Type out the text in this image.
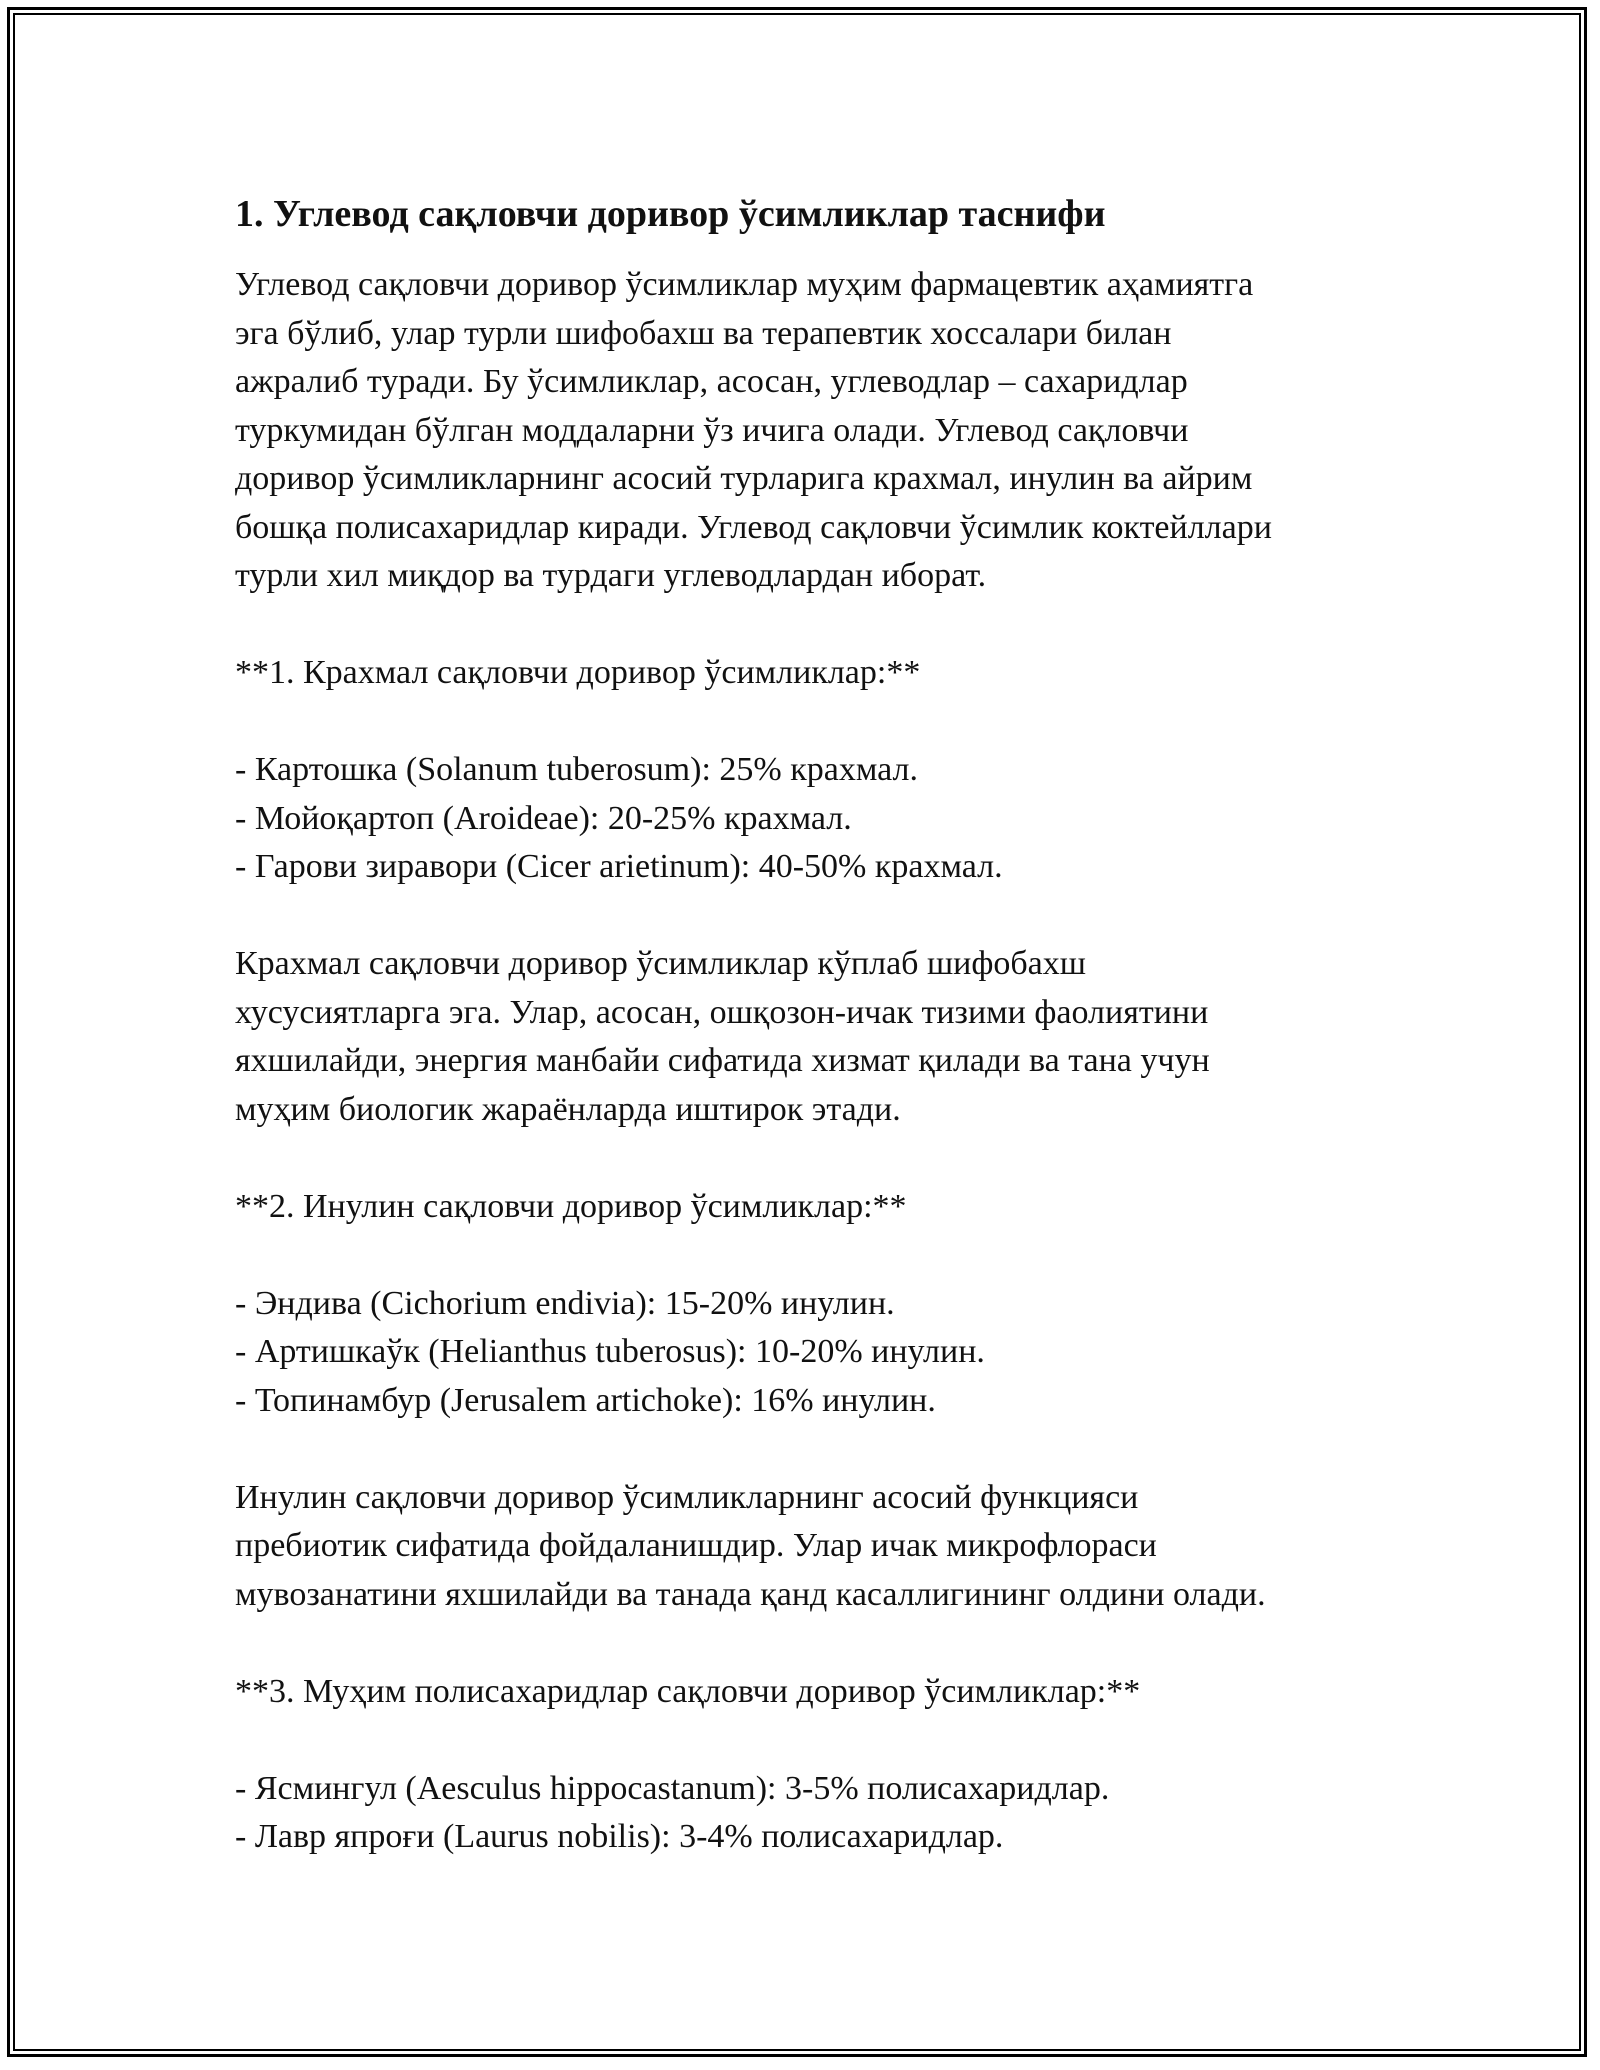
1. Углевод сақловчи доривор ўсимликлар таснифи

Углевод сақловчи доривор ўсимликлар муҳим фармацевтик аҳамиятга
эга бўлиб, улар турли шифобахш ва терапевтик хоссалари билан
ажралиб туради. Бу ўсимликлар, асосан, углеводлар – сахаридлар
туркумидан бўлган моддаларни ўз ичига олади. Углевод сақловчи
доривор ўсимликларнинг асосий турларига крахмал, инулин ва айрим
бошқа полисахаридлар киради. Углевод сақловчи ўсимлик коктейллари
турли хил миқдор ва турдаги углеводлардан иборат.

**1. Крахмал сақловчи доривор ўсимликлар:**

- Картошка (Solanum tuberosum): 25% крахмал.
- Мойоқартоп (Aroideae): 20-25% крахмал.
- Гарови зиравори (Cicer arietinum): 40-50% крахмал.

Крахмал сақловчи доривор ўсимликлар кўплаб шифобахш
хусусиятларга эга. Улар, асосан, ошқозон-ичак тизими фаолиятини
яхшилайди, энергия манбайи сифатида хизмат қилади ва тана учун
муҳим биологик жараёнларда иштирок этади.

**2. Инулин сақловчи доривор ўсимликлар:**

- Эндива (Cichorium endivia): 15-20% инулин.
- Артишкаўк (Helianthus tuberosus): 10-20% инулин.
- Топинамбур (Jerusalem artichoke): 16% инулин.

Инулин сақловчи доривор ўсимликларнинг асосий функцияси
пребиотик сифатида фойдаланишдир. Улар ичак микрофлораси
мувозанатини яхшилайди ва танада қанд касаллигининг олдини олади.

**3. Муҳим полисахаридлар сақловчи доривор ўсимликлар:**

- Ясмингул (Aesculus hippocastanum): 3-5% полисахаридлар.
- Лавр япроғи (Laurus nobilis): 3-4% полисахаридлар.
